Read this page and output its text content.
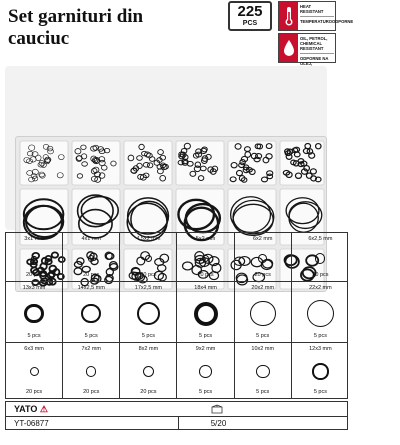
Set garnituri din cauciuc
225
PCS
HEAT RESISTANT
TEMPERATUROODPORNE
OIL, PETROL, CHEMICAL RESISTANT
ODPORNE NA OLEJ,
3x1 mm
20 pcs
4x1 mm
20 pcs
4,5x2 mm
20 pcs
5x2 mm
20 pcs
6x2 mm
20 pcs
6x2,5 mm
20 pcs
13x3 mm
5 pcs
14x2,5 mm
5 pcs
17x2,5 mm
5 pcs
18x4 mm
5 pcs
20x2 mm
5 pcs
22x2 mm
5 pcs
6x3 mm
20 pcs
7x2 mm
20 pcs
8x2 mm
20 pcs
9x2 mm
5 pcs
10x2 mm
5 pcs
12x3 mm
5 pcs
YATO ⚠
YT-06877	5/20
